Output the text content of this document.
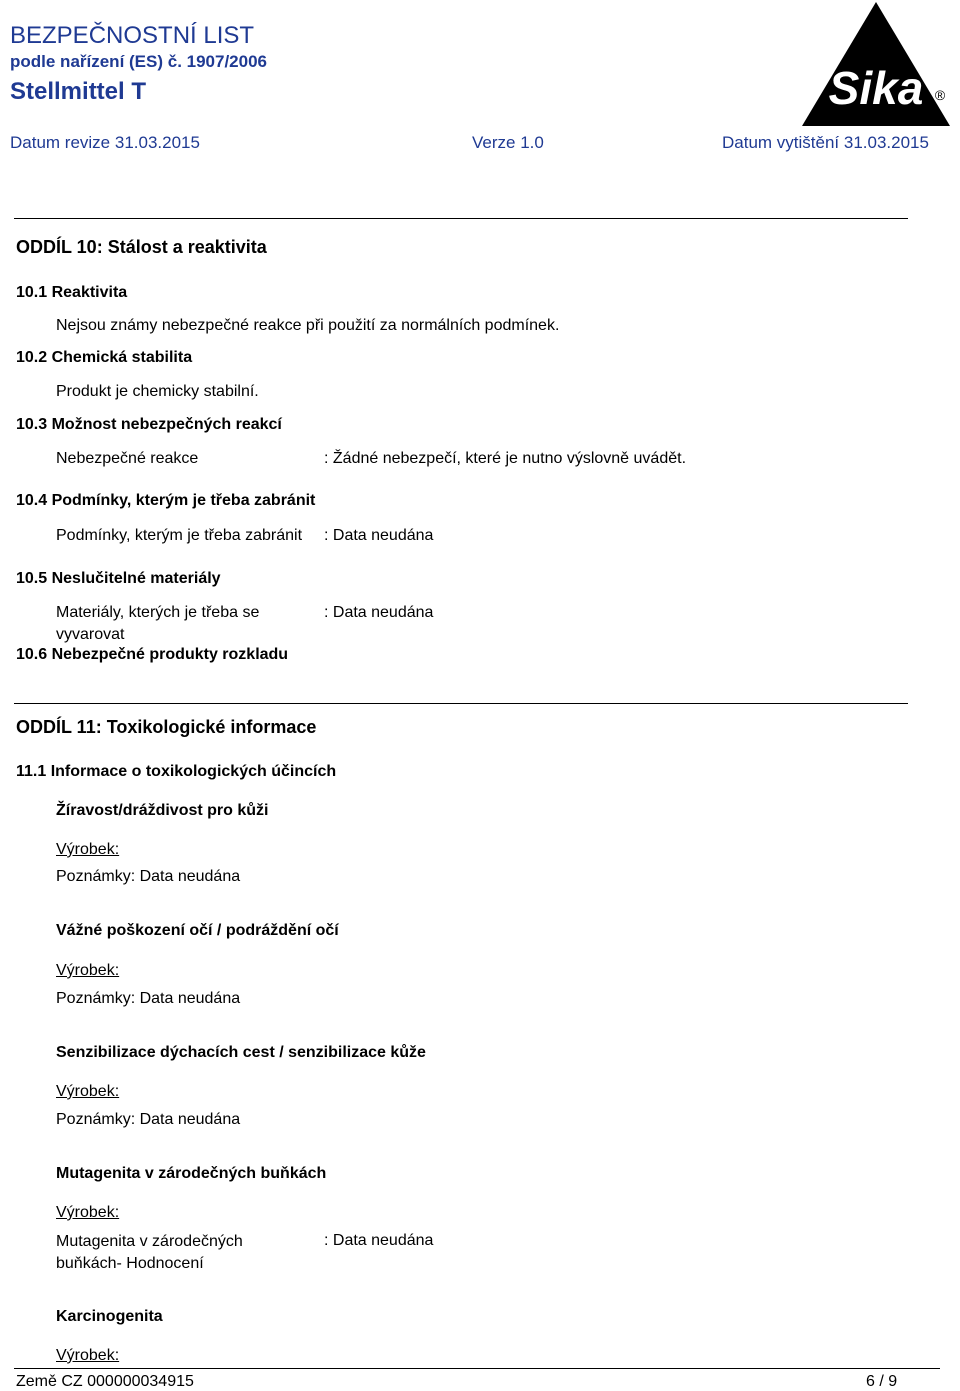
BEZPEČNOSTNÍ LIST
podle nařízení (ES) č. 1907/2006
Stellmittel T
Datum revize 31.03.2015	Verze 1.0	Datum vytištění 31.03.2015
Sika ®
ODDÍL 10: Stálost a reaktivita
10.1 Reaktivita
Nejsou známy nebezpečné reakce při použití za normálních podmínek.
10.2 Chemická stabilita
Produkt je chemicky stabilní.
10.3 Možnost nebezpečných reakcí
Nebezpečné reakce	: Žádné nebezpečí, které je nutno výslovně uvádět.
10.4 Podmínky, kterým je třeba zabránit
Podmínky, kterým je třeba zabránit : Data neudána
10.5 Neslučitelné materiály
Materiály, kterých je třeba se vyvarovat
: Data neudána
10.6 Nebezpečné produkty rozkladu
ODDÍL 11: Toxikologické informace
11.1 Informace o toxikologických účincích
Žíravost/dráždivost pro kůži
Výrobek:
Poznámky: Data neudána
Vážné poškození očí / podráždění očí
Výrobek:
Poznámky: Data neudána
Senzibilizace dýchacích cest / senzibilizace kůže
Výrobek:
Poznámky: Data neudána
Mutagenita v zárodečných buňkách
Výrobek:
Mutagenita v zárodečných buňkách- Hodnocení
: Data neudána
Karcinogenita
Výrobek:
Země CZ 000000034915	6 / 9
